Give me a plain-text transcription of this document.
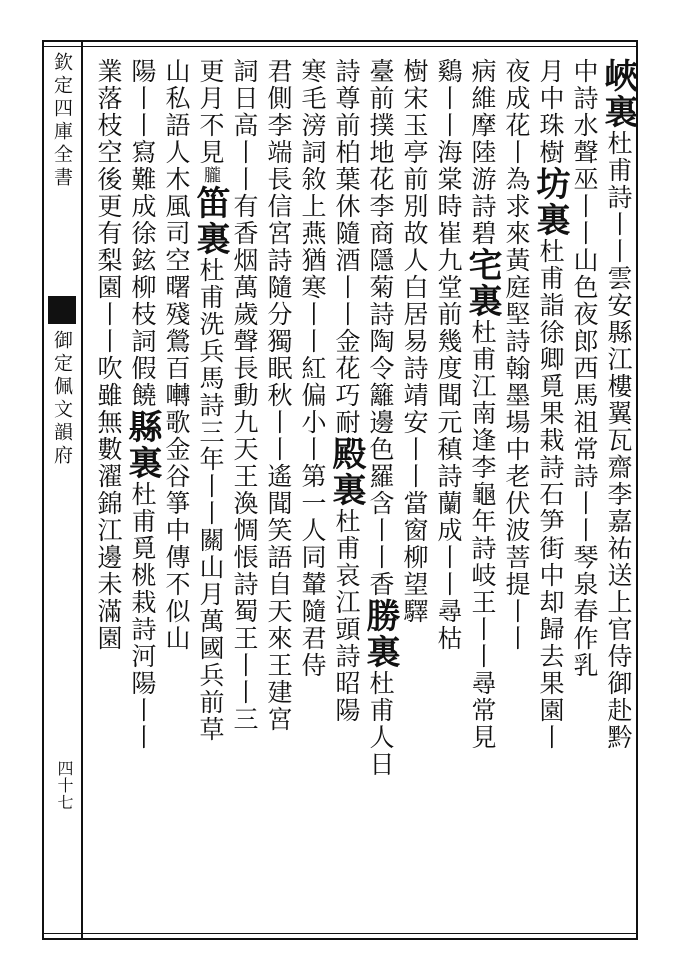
欽定四庫全書
御定佩文韻府
四十七
峽裏杜甫詩丨丨雲安縣江樓翼瓦齋李嘉祐送上官侍御赴黔
中詩水聲巫丨丨山色夜郎西馬祖常詩丨丨琴泉春作乳
月中珠樹坊裏杜甫詣徐卿覓果栽詩石笋街中却歸去果園丨
夜成花丨為求來黃庭堅詩翰墨場中老伏波菩提丨丨
病維摩陸游詩碧宅裏杜甫江南逢李龜年詩岐王丨丨尋常見
鷄丨丨海棠時崔九堂前幾度聞元稹詩蘭成丨丨尋枯
樹宋玉亭前別故人白居易詩靖安丨丨當窗柳望驛
臺前撲地花李商隱菊詩陶令籬邊色羅含丨丨香勝裏杜甫人日
詩尊前柏葉休隨酒丨丨金花巧耐殿裏杜甫哀江頭詩昭陽
寒毛滂詞敘上燕猶寒丨丨紅偏小丨第一人同輦隨君侍
君側李端長信宮詩隨分獨眠秋丨丨遙聞笑語自天來王建宮
詞日高丨丨有香烟萬歲聲長動九天王渙惆悵詩蜀王丨丨三
更月不見朧笛裏杜甫洗兵馬詩三年丨丨關山月萬國兵前草
山私語人木風司空曙殘鶯百囀歌金谷箏中傳不似山
陽丨丨寫難成徐鉉柳枝詞假饒縣裏杜甫覓桃栽詩河陽丨丨
業落枝空後更有梨園丨丨吹雖無數濯錦江邊未滿園
